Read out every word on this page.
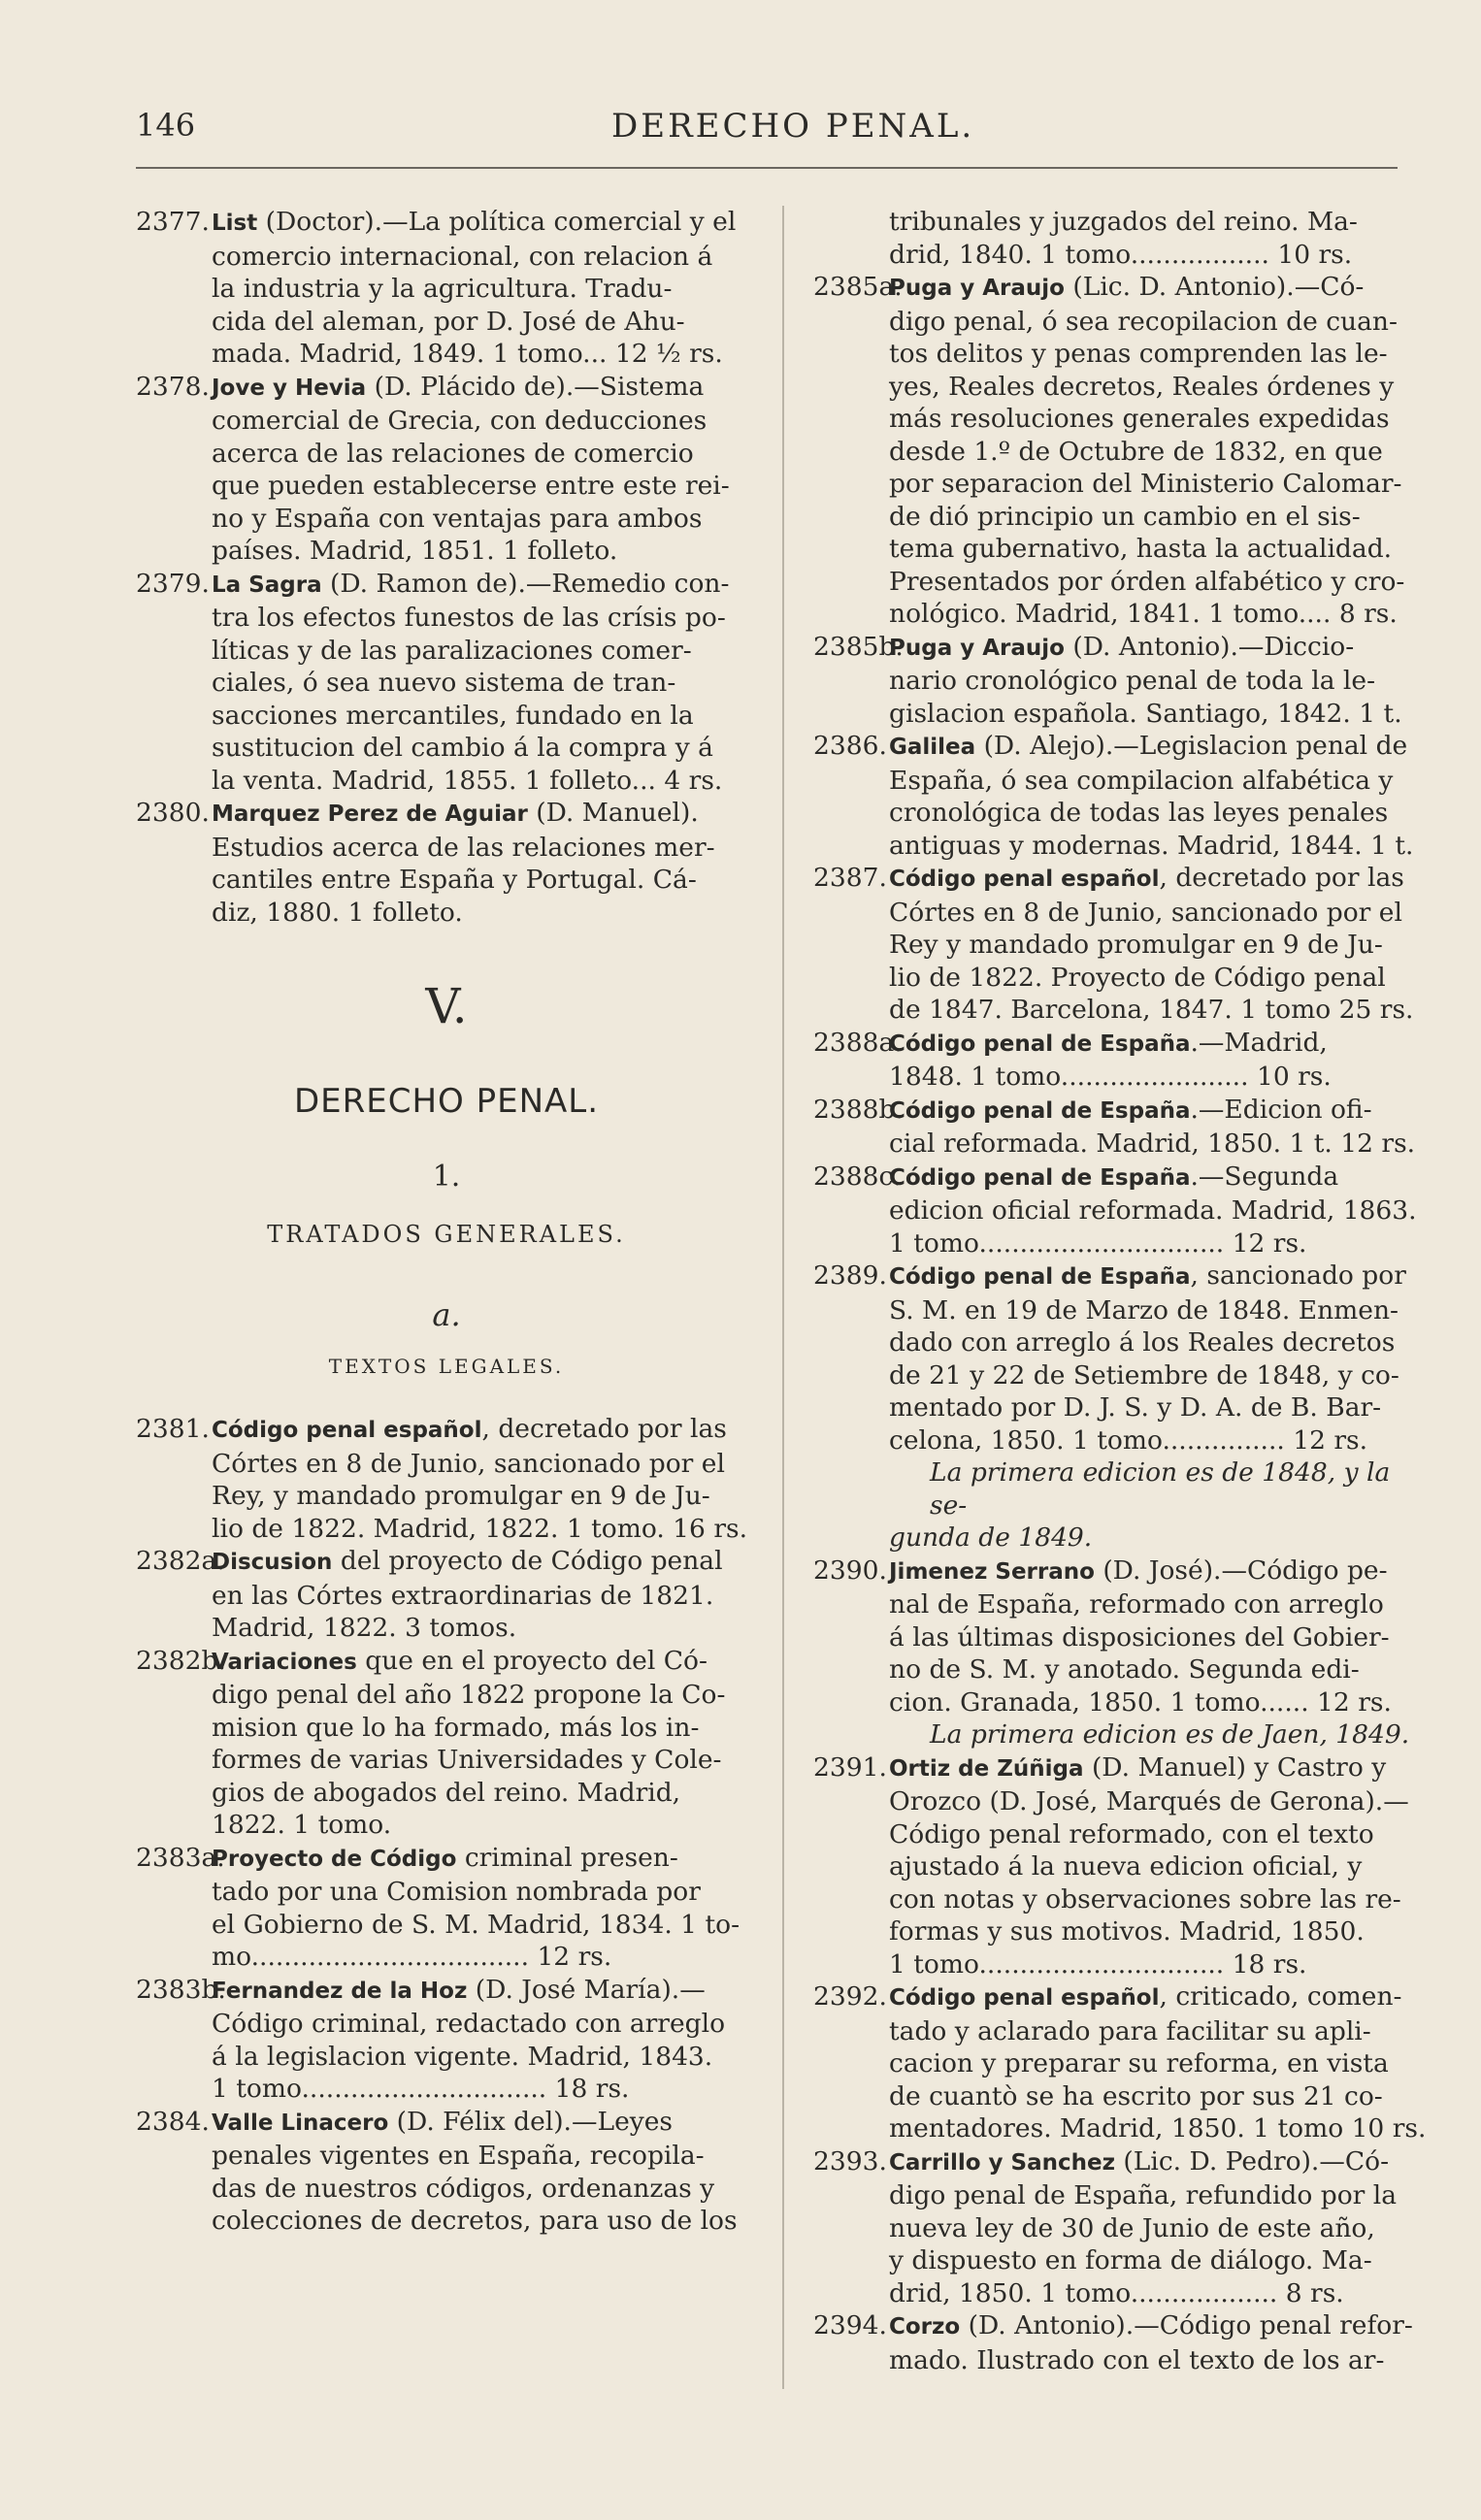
146	DERECHO PENAL.
2377. List (Doctor).—La política comercial y el
comercio internacional, con relacion á
la industria y la agricultura. Tradu-
cida del aleman, por D. José de Ahu-
mada. Madrid, 1849. 1 tomo... 12 ½ rs.
2378. Jove y Hevia (D. Plácido de).—Sistema
comercial de Grecia, con deducciones
acerca de las relaciones de comercio
que pueden establecerse entre este rei-
no y España con ventajas para ambos
países. Madrid, 1851. 1 folleto.
2379. La Sagra (D. Ramon de).—Remedio con-
tra los efectos funestos de las crísis po-
líticas y de las paralizaciones comer-
ciales, ó sea nuevo sistema de tran-
sacciones mercantiles, fundado en la
sustitucion del cambio á la compra y á
la venta. Madrid, 1855. 1 folleto... 4 rs.
2380. Marquez Perez de Aguiar (D. Manuel).
Estudios acerca de las relaciones mer-
cantiles entre España y Portugal. Cá-
diz, 1880. 1 folleto.
V.
DERECHO PENAL.
1.
TRATADOS GENERALES.
a.
TEXTOS LEGALES.
2381. Código penal español, decretado por las
Córtes en 8 de Junio, sancionado por el
Rey, y mandado promulgar en 9 de Ju-
lio de 1822. Madrid, 1822. 1 tomo. 16 rs.
2382a.
Discusion del proyecto de Código penal
en las Córtes extraordinarias de 1821.
Madrid, 1822. 3 tomos.
2382b.
Variaciones que en el proyecto del Có-
digo penal del año 1822 propone la Co-
mision que lo ha formado, más los in-
formes de varias Universidades y Cole-
gios de abogados del reino. Madrid,
1822. 1 tomo.
2383a.
Proyecto de Código criminal presen-
tado por una Comision nombrada por
el Gobierno de S. M. Madrid, 1834. 1 to-
mo.................................. 12 rs.
2383b.
Fernandez de la Hoz (D. José María).—
Código criminal, redactado con arreglo
á la legislacion vigente. Madrid, 1843.
1 tomo.............................. 18 rs.
2384. Valle Linacero (D. Félix del).—Leyes
penales vigentes en España, recopila-
das de nuestros códigos, ordenanzas y
colecciones de decretos, para uso de los
tribunales y juzgados del reino. Ma-
drid, 1840. 1 tomo................. 10 rs.
2385a.
Puga y Araujo (Lic. D. Antonio).—Có-
digo penal, ó sea recopilacion de cuan-
tos delitos y penas comprenden las le-
yes, Reales decretos, Reales órdenes y
más resoluciones generales expedidas
desde 1.º de Octubre de 1832, en que
por separacion del Ministerio Calomar-
de dió principio un cambio en el sis-
tema gubernativo, hasta la actualidad.
Presentados por órden alfabético y cro-
nológico. Madrid, 1841. 1 tomo.... 8 rs.
2385b.
Puga y Araujo (D. Antonio).—Diccio-
nario cronológico penal de toda la le-
gislacion española. Santiago, 1842. 1 t.
2386. Galilea (D. Alejo).—Legislacion penal de
España, ó sea compilacion alfabética y
cronológica de todas las leyes penales
antiguas y modernas. Madrid, 1844. 1 t.
2387. Código penal español, decretado por las
Córtes en 8 de Junio, sancionado por el
Rey y mandado promulgar en 9 de Ju-
lio de 1822. Proyecto de Código penal
de 1847. Barcelona, 1847. 1 tomo 25 rs.
2388a.
Código penal de España.—Madrid,
1848. 1 tomo....................... 10 rs.
2388b.
Código penal de España.—Edicion ofi-
cial reformada. Madrid, 1850. 1 t. 12 rs.
2388c.
Código penal de España.—Segunda
edicion oficial reformada. Madrid, 1863.
1 tomo.............................. 12 rs.
2389. Código penal de España, sancionado por
S. M. en 19 de Marzo de 1848. Enmen-
dado con arreglo á los Reales decretos
de 21 y 22 de Setiembre de 1848, y co-
mentado por D. J. S. y D. A. de B. Bar-
celona, 1850. 1 tomo............... 12 rs.
La primera edicion es de 1848, y la se-
gunda de 1849.
2390. Jimenez Serrano (D. José).—Código pe-
nal de España, reformado con arreglo
á las últimas disposiciones del Gobier-
no de S. M. y anotado. Segunda edi-
cion. Granada, 1850. 1 tomo...... 12 rs.
La primera edicion es de Jaen, 1849.
2391. Ortiz de Zúñiga (D. Manuel) y Castro y
Orozco (D. José, Marqués de Gerona).—
Código penal reformado, con el texto
ajustado á la nueva edicion oficial, y
con notas y observaciones sobre las re-
formas y sus motivos. Madrid, 1850.
1 tomo.............................. 18 rs.
2392. Código penal español, criticado, comen-
tado y aclarado para facilitar su apli-
cacion y preparar su reforma, en vista
de cuantò se ha escrito por sus 21 co-
mentadores. Madrid, 1850. 1 tomo 10 rs.
2393. Carrillo y Sanchez (Lic. D. Pedro).—Có-
digo penal de España, refundido por la
nueva ley de 30 de Junio de este año,
y dispuesto en forma de diálogo. Ma-
drid, 1850. 1 tomo.................. 8 rs.
2394. Corzo (D. Antonio).—Código penal refor-
mado. Ilustrado con el texto de los ar-
